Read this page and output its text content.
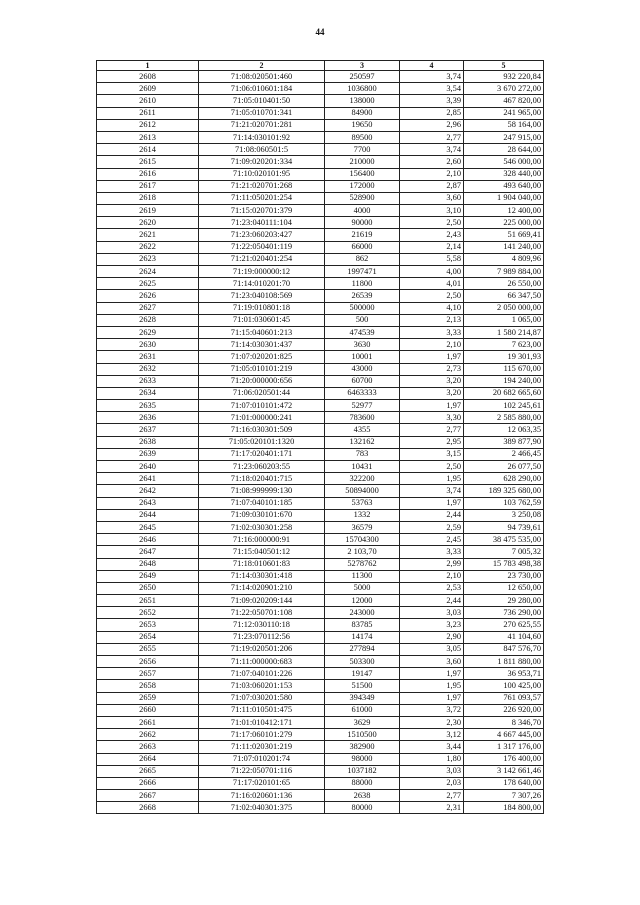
44
1	2	3	4	5
2608	71:08:020501:460	250597	3,74	932 220,84
2609	71:06:010601:184	1036800	3,54	3 670 272,00
2610	71:05:010401:50	138000	3,39	467 820,00
2611	71:05:010701:341	84900	2,85	241 965,00
2612	71:21:020701:281	19650	2,96	58 164,00
2613	71:14:030101:92	89500	2,77	247 915,00
2614	71:08:060501:5	7700	3,74	28 644,00
2615	71:09:020201:334	210000	2,60	546 000,00
2616	71:10:020101:95	156400	2,10	328 440,00
2617	71:21:020701:268	172000	2,87	493 640,00
2618	71:11:050201:254	528900	3,60	1 904 040,00
2619	71:15:020701:379	4000	3,10	12 400,00
2620	71:23:040111:104	90000	2,50	225 000,00
2621	71:23:060203:427	21619	2,43	51 669,41
2622	71:22:050401:119	66000	2,14	141 240,00
2623	71:21:020401:254	862	5,58	4 809,96
2624	71:19:000000:12	1997471	4,00	7 989 884,00
2625	71:14:010201:70	11800	4,01	26 550,00
2626	71:23:040108:569	26539	2,50	66 347,50
2627	71:19:010801:18	500000	4,10	2 050 000,00
2628	71:01:030601:45	500	2,13	1 065,00
2629	71:15:040601:213	474539	3,33	1 580 214,87
2630	71:14:030301:437	3630	2,10	7 623,00
2631	71:07:020201:825	10001	1,97	19 301,93
2632	71:05:010101:219	43000	2,73	115 670,00
2633	71:20:000000:656	60700	3,20	194 240,00
2634	71:06:020501:44	6463333	3,20	20 682 665,60
2635	71:07:010101:472	52977	1,97	102 245,61
2636	71:01:000000:241	783600	3,30	2 585 880,00
2637	71:16:030301:509	4355	2,77	12 063,35
2638	71:05:020101:1320	132162	2,95	389 877,90
2639	71:17:020401:171	783	3,15	2 466,45
2640	71:23:060203:55	10431	2,50	26 077,50
2641	71:18:020401:715	322200	1,95	628 290,00
2642	71:08:999999:130	50894000	3,74	189 325 680,00
2643	71:07:040101:185	53763	1,97	103 762,59
2644	71:09:030101:670	1332	2,44	3 250,08
2645	71:02:030301:258	36579	2,59	94 739,61
2646	71:16:000000:91	15704300	2,45	38 475 535,00
2647	71:15:040501:12	2 103,70	3,33	7 005,32
2648	71:18:010601:83	5278762	2,99	15 783 498,38
2649	71:14:030301:418	11300	2,10	23 730,00
2650	71:14:020901:210	5000	2,53	12 650,00
2651	71:09:020209:144	12000	2,44	29 280,00
2652	71:22:050701:108	243000	3,03	736 290,00
2653	71:12:030110:18	83785	3,23	270 625,55
2654	71:23:070112:56	14174	2,90	41 104,60
2655	71:19:020501:206	277894	3,05	847 576,70
2656	71:11:000000:683	503300	3,60	1 811 880,00
2657	71:07:040101:226	19147	1,97	36 953,71
2658	71:03:060201:153	51500	1,95	100 425,00
2659	71:07:030201:580	394349	1,97	761 093,57
2660	71:11:010501:475	61000	3,72	226 920,00
2661	71:01:010412:171	3629	2,30	8 346,70
2662	71:17:060101:279	1510500	3,12	4 667 445,00
2663	71:11:020301:219	382900	3,44	1 317 176,00
2664	71:07:010201:74	98000	1,80	176 400,00
2665	71:22:050701:116	1037182	3,03	3 142 661,46
2666	71:17:020101:65	88000	2,03	178 640,00
2667	71:16:020601:136	2638	2,77	7 307,26
2668	71:02:040301:375	80000	2,31	184 800,00
